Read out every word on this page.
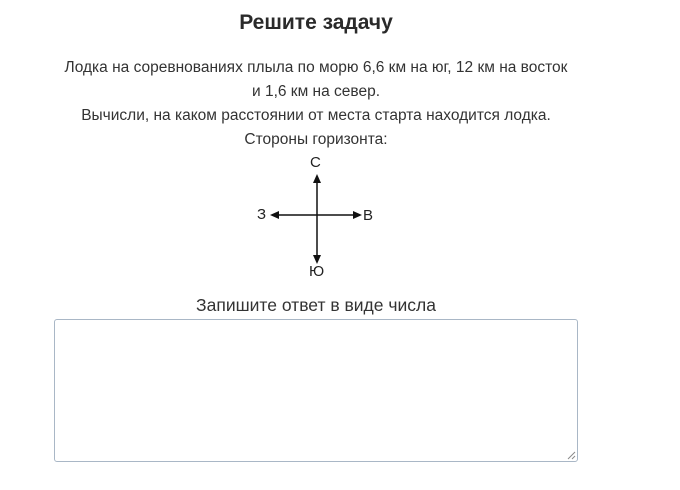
Решите задачу
Лодка на соревнованиях плыла по морю 6,6 км на юг, 12 км на восток
и 1,6 км на север.
Вычисли, на каком расстоянии от места старта находится лодка.
Стороны горизонта:
С
Ю
З	В
Запишите ответ в виде числа
